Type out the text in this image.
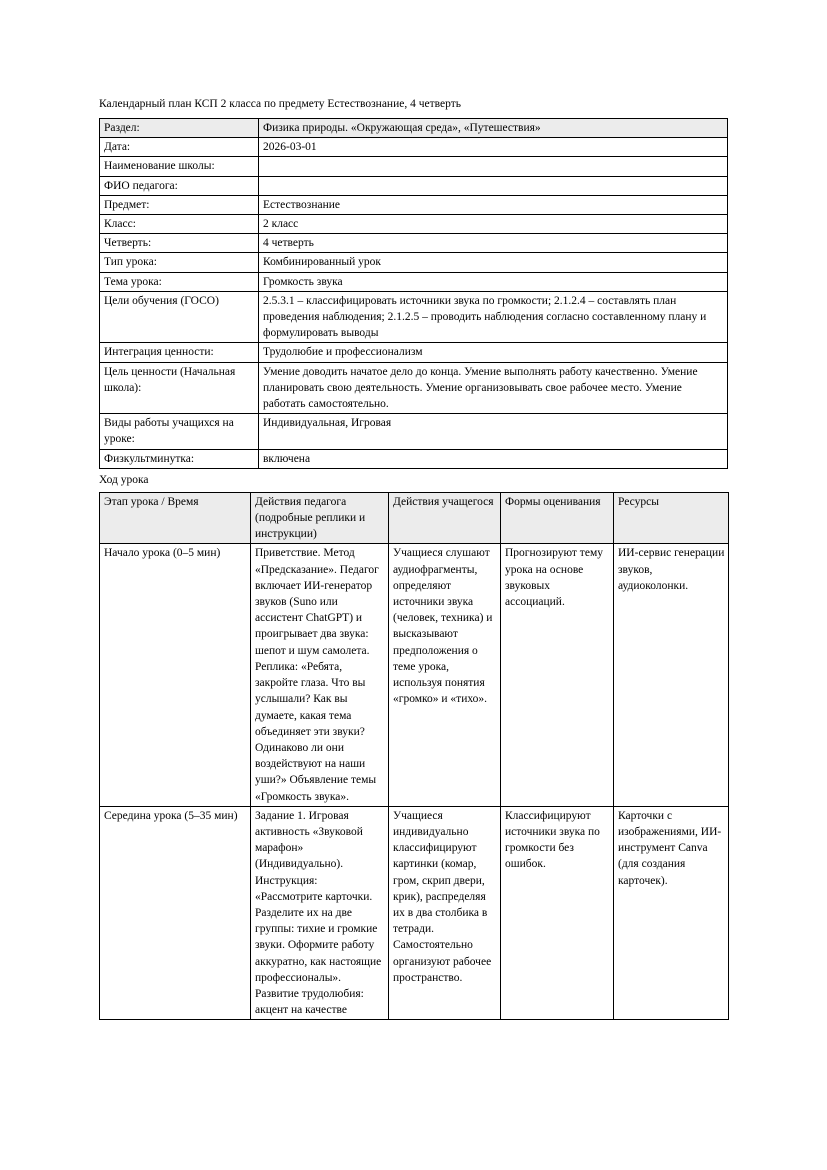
Календарный план КСП 2 класса по предмету Естествознание, 4 четверть

Раздел:	Физика природы. «Окружающая среда», «Путешествия»
Дата:	2026-03-01
Наименование школы:	
ФИО педагога:	
Предмет:	Естествознание
Класс:	2 класс
Четверть:	4 четверть
Тип урока:	Комбинированный урок
Тема урока:	Громкость звука
Цели обучения (ГОСО)	2.5.3.1 – классифицировать источники звука по громкости; 2.1.2.4 – составлять план проведения наблюдения; 2.1.2.5 – проводить наблюдения согласно составленному плану и формулировать выводы
Интеграция ценности:	Трудолюбие и профессионализм
Цель ценности (Начальная школа):	Умение доводить начатое дело до конца. Умение выполнять работу качественно. Умение планировать свою деятельность. Умение организовывать свое рабочее место. Умение работать самостоятельно.
Виды работы учащихся на уроке:	Индивидуальная, Игровая
Физкультминутка:	включена

Ход урока

Этап урока / Время	Действия педагога (подробные реплики и инструкции)	Действия учащегося	Формы оценивания	Ресурсы
Начало урока (0–5 мин)	Приветствие. Метод «Предсказание». Педагог включает ИИ-генератор звуков (Suno или ассистент ChatGPT) и проигрывает два звука: шепот и шум самолета. Реплика: «Ребята, закройте глаза. Что вы услышали? Как вы думаете, какая тема объединяет эти звуки? Одинаково ли они воздействуют на наши уши?» Объявление темы «Громкость звука».	Учащиеся слушают аудиофрагменты, определяют источники звука (человек, техника) и высказывают предположения о теме урока, используя понятия «громко» и «тихо».	Прогнозируют тему урока на основе звуковых ассоциаций.	ИИ-сервис генерации звуков, аудиоколонки.
Середина урока (5–35 мин)	Задание 1. Игровая активность «Звуковой марафон» (Индивидуально). Инструкция: «Рассмотрите карточки. Разделите их на две группы: тихие и громкие звуки. Оформите работу аккуратно, как настоящие профессионалы». Развитие трудолюбия: акцент на качестве	Учащиеся индивидуально классифицируют картинки (комар, гром, скрип двери, крик), распределяя их в два столбика в тетради. Самостоятельно организуют рабочее пространство.	Классифицируют источники звука по громкости без ошибок.	Карточки с изображениями, ИИ-инструмент Canva (для создания карточек).
